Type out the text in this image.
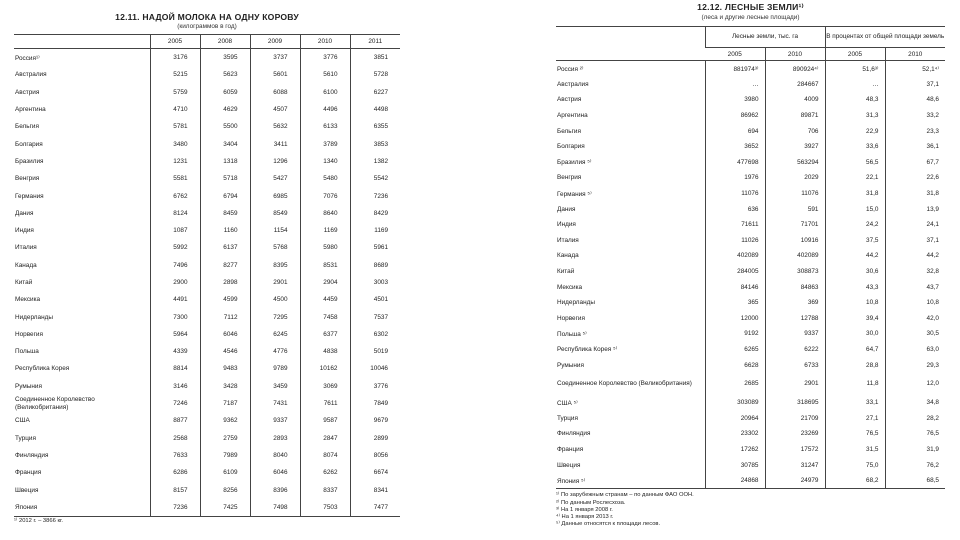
12.11. НАДОЙ МОЛОКА НА ОДНУ КОРОВУ
(килограммов в год)
	2005	2008	2009	2010	2011
Россия¹⁾	3176	3595	3737	3776	3851
Австралия	5215	5623	5601	5610	5728
Австрия	5759	6059	6088	6100	6227
Аргентина	4710	4629	4507	4496	4498
Бельгия	5781	5500	5632	6133	6355
Болгария	3480	3404	3411	3789	3853
Бразилия	1231	1318	1296	1340	1382
Венгрия	5581	5718	5427	5480	5542
Германия	6762	6794	6985	7076	7236
Дания	8124	8459	8549	8640	8429
Индия	1087	1160	1154	1169	1169
Италия	5992	6137	5768	5980	5961
Канада	7496	8277	8395	8531	8689
Китай	2900	2898	2901	2904	3003
Мексика	4491	4599	4500	4459	4501
Нидерланды	7300	7112	7295	7458	7537
Норвегия	5964	6046	6245	6377	6302
Польша	4339	4546	4776	4838	5019
Республика Корея	8814	9483	9789	10162	10046
Румыния	3146	3428	3459	3069	3776
Соединенное Королевство (Великобритания)	7246	7187	7431	7611	7849
США	8877	9362	9337	9587	9679
Турция	2568	2759	2893	2847	2899
Финляндия	7633	7989	8040	8074	8056
Франция	6286	6109	6046	6262	6674
Швеция	8157	8256	8396	8337	8341
Япония	7236	7425	7498	7503	7477
¹⁾ 2012 г. – 3866 кг.
12.12. ЛЕСНЫЕ ЗЕМЛИ¹⁾
(леса и другие лесные площади)
	Лесные земли, тыс. га		В процентах от общей площади земель	
	2005	2010	2005	2010
Россия ²⁾	881974³⁾	890924⁴⁾	51,6³⁾	52,1⁴⁾
Австралия	…	284667	…	37,1
Австрия	3980	4009	48,3	48,6
Аргентина	86962	89871	31,3	33,2
Бельгия	694	706	22,9	23,3
Болгария	3652	3927	33,6	36,1
Бразилия ⁵⁾	477698	563294	56,5	67,7
Венгрия	1976	2029	22,1	22,6
Германия ⁵⁾	11076	11076	31,8	31,8
Дания	636	591	15,0	13,9
Индия	71611	71701	24,2	24,1
Италия	11026	10916	37,5	37,1
Канада	402089	402089	44,2	44,2
Китай	284005	308873	30,6	32,8
Мексика	84146	84863	43,3	43,7
Нидерланды	365	369	10,8	10,8
Норвегия	12000	12788	39,4	42,0
Польша ⁵⁾	9192	9337	30,0	30,5
Республика Корея ⁵⁾	6265	6222	64,7	63,0
Румыния	6628	6733	28,8	29,3
Соединенное Королевство (Великобритания)	2685	2901	11,8	12,0
США ⁵⁾	303089	318695	33,1	34,8
Турция	20964	21709	27,1	28,2
Финляндия	23302	23269	76,5	76,5
Франция	17262	17572	31,5	31,9
Швеция	30785	31247	75,0	76,2
Япония ⁵⁾	24868	24979	68,2	68,5
¹⁾ По зарубежным странам – по данным ФАО ООН.
²⁾ По данным Рослесхоза.
³⁾ На 1 января 2008 г.
⁴⁾ На 1 января 2013 г.
⁵⁾ Данные относятся к площади лесов.
